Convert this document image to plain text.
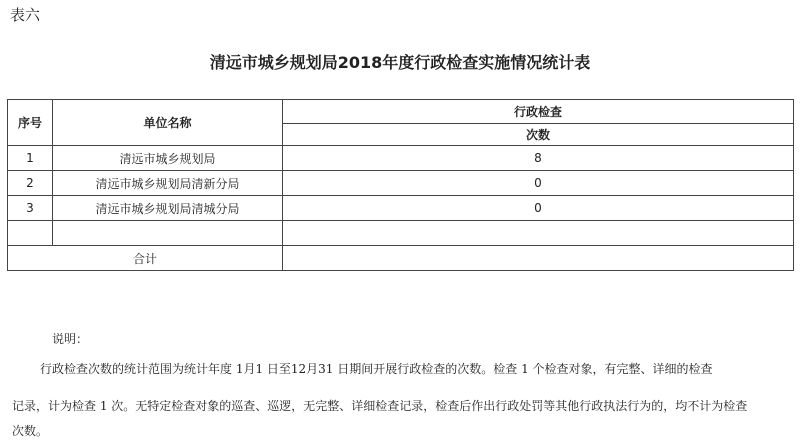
表六
清远市城乡规划局2018年度行政检查实施情况统计表
序号	单位名称	行政检查
		次数
1	清远市城乡规划局	8
2	清远市城乡规划局清新分局	0
3	清远市城乡规划局清城分局	0

合计		
说明：
行政检查次数的统计范围为统计年度 1月1 日至12月31 日期间开展行政检查的次数。检查 1 个检查对象，有完整、详细的检查
记录，计为检查 1 次。无特定检查对象的巡查、巡逻，无完整、详细检查记录，检查后作出行政处罚等其他行政执法行为的，均不计为检查
次数。
